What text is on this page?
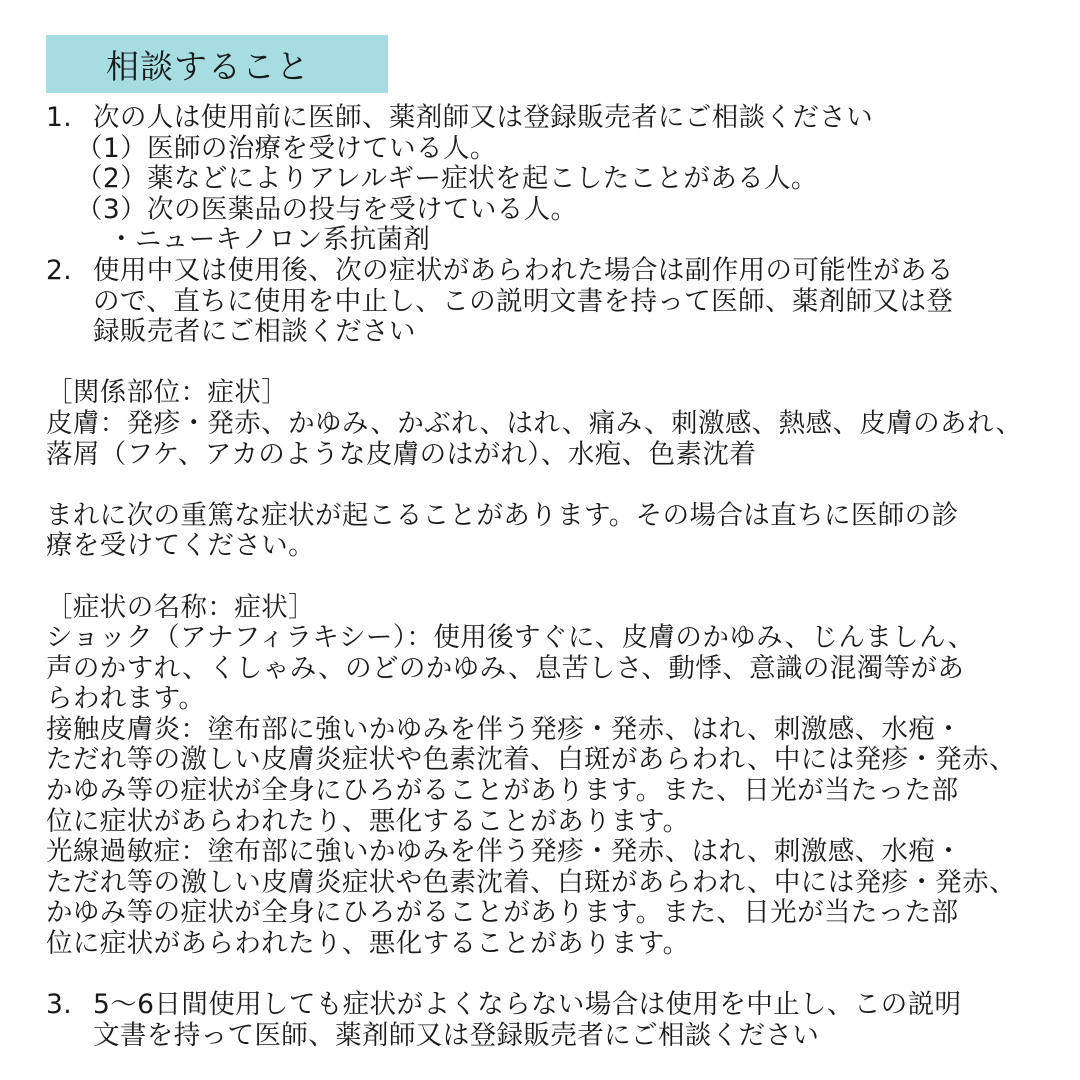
相談すること
1. 次の人は使用前に医師、薬剤師又は登録販売者にご相談ください
（1）医師の治療を受けている人。
（2）薬などによりアレルギー症状を起こしたことがある人。
（3）次の医薬品の投与を受けている人。
・ニューキノロン系抗菌剤
2. 使用中又は使用後、次の症状があらわれた場合は副作用の可能性がある
ので、直ちに使用を中止し、この説明文書を持って医師、薬剤師又は登
録販売者にご相談ください
［関係部位：症状］
皮膚：発疹・発赤、かゆみ、かぶれ、はれ、痛み、刺激感、熱感、皮膚のあれ、
落屑（フケ、アカのような皮膚のはがれ）、水疱、色素沈着
まれに次の重篤な症状が起こることがあります。その場合は直ちに医師の診
療を受けてください。
［症状の名称：症状］
ショック（アナフィラキシー）：使用後すぐに、皮膚のかゆみ、じんましん、
声のかすれ、くしゃみ、のどのかゆみ、息苦しさ、動悸、意識の混濁等があ
らわれます。
接触皮膚炎：塗布部に強いかゆみを伴う発疹・発赤、はれ、刺激感、水疱・
ただれ等の激しい皮膚炎症状や色素沈着、白斑があらわれ、中には発疹・発赤、
かゆみ等の症状が全身にひろがることがあります。また、日光が当たった部
位に症状があらわれたり、悪化することがあります。
光線過敏症：塗布部に強いかゆみを伴う発疹・発赤、はれ、刺激感、水疱・
ただれ等の激しい皮膚炎症状や色素沈着、白斑があらわれ、中には発疹・発赤、
かゆみ等の症状が全身にひろがることがあります。また、日光が当たった部
位に症状があらわれたり、悪化することがあります。
3. 5～6日間使用しても症状がよくならない場合は使用を中止し、この説明
文書を持って医師、薬剤師又は登録販売者にご相談ください
